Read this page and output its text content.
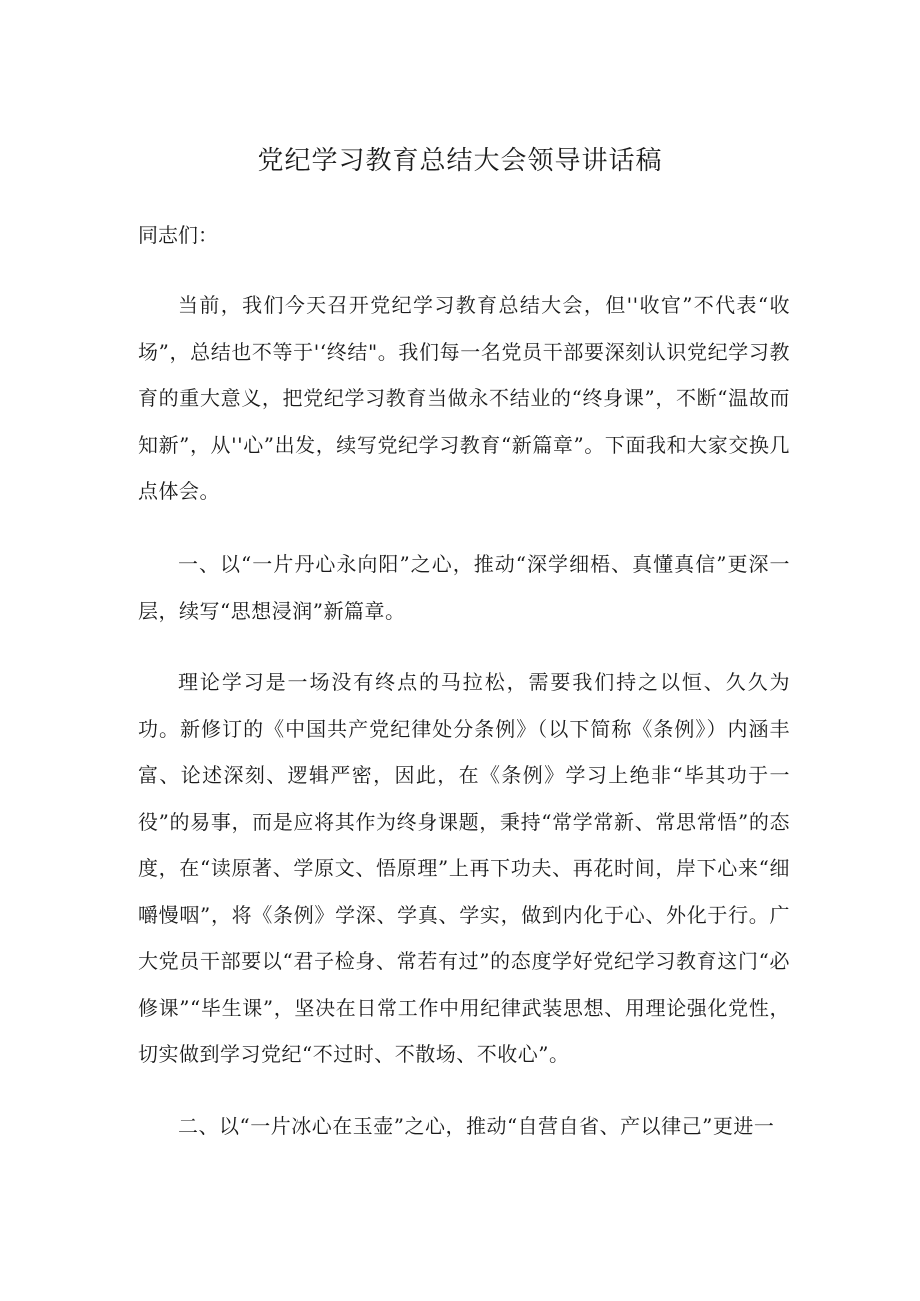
党纪学习教育总结大会领导讲话稿

同志们：

当前，我们今天召开党纪学习教育总结大会，但''收官”不代表“收场”，总结也不等于'‘终结"。我们每一名党员干部要深刻认识党纪学习教育的重大意义，把党纪学习教育当做永不结业的“终身课”，不断“温故而知新”，从''心”出发，续写党纪学习教育“新篇章”。下面我和大家交换几点体会。

一、以“一片丹心永向阳”之心，推动“深学细梧、真懂真信”更深一层，续写“思想浸润”新篇章。

理论学习是一场没有终点的马拉松，需要我们持之以恒、久久为功。新修订的《中国共产党纪律处分条例》（以下简称《条例》）内涵丰富、论述深刻、逻辑严密，因此，在《条例》学习上绝非“毕其功于一役”的易事，而是应将其作为终身课题，秉持“常学常新、常思常悟”的态度，在“读原著、学原文、悟原理”上再下功夫、再花时间，岸下心来“细嚼慢咽”，将《条例》学深、学真、学实，做到内化于心、外化于行。广大党员干部要以“君子检身、常若有过”的态度学好党纪学习教育这门“必修课”“毕生课”，坚决在日常工作中用纪律武装思想、用理论强化党性，切实做到学习党纪“不过时、不散场、不收心”。

二、以“一片冰心在玉壶”之心，推动“自营自省、产以律己”更进一
